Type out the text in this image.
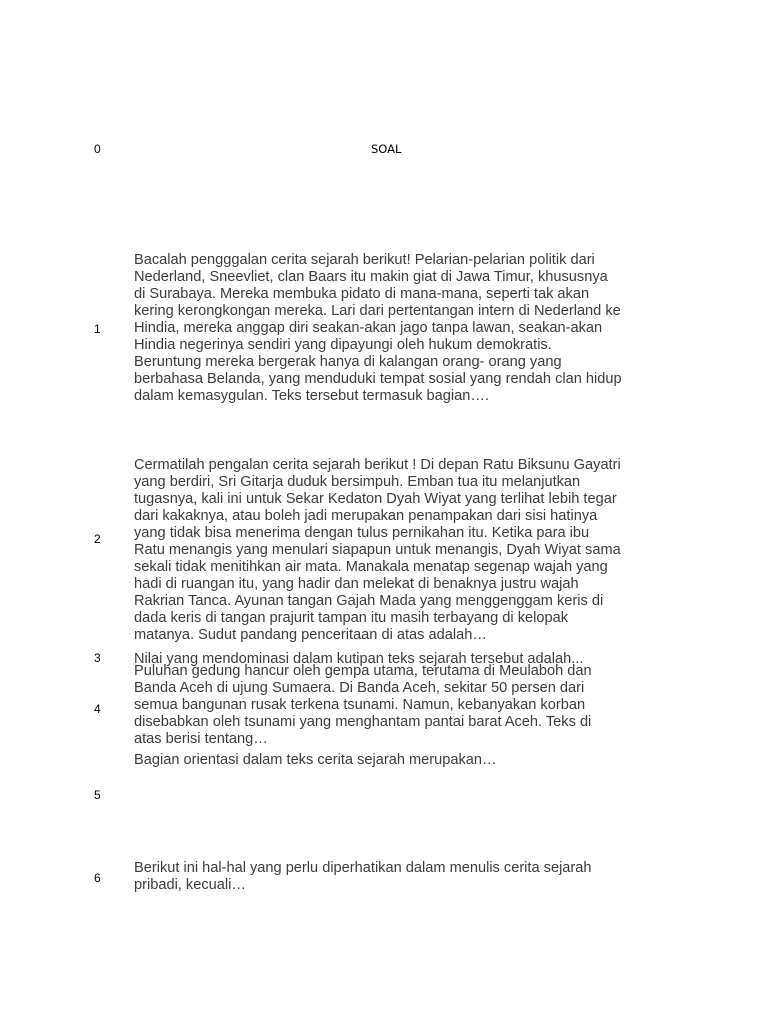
0	SOAL
1

Bacalah pengggalan cerita sejarah berikut! Pelarian-pelarian politik dari
Nederland, Sneevliet, clan Baars itu makin giat di Jawa Timur, khususnya
di Surabaya. Mereka membuka pidato di mana-mana, seperti tak akan
kering kerongkongan mereka. Lari dari pertentangan intern di Nederland ke
Hindia, mereka anggap diri seakan-akan jago tanpa lawan, seakan-akan
Hindia negerinya sendiri yang dipayungi oleh hukum demokratis.
Beruntung mereka bergerak hanya di kalangan orang- orang yang
berbahasa Belanda, yang menduduki tempat sosial yang rendah clan hidup
dalam kemasygulan. Teks tersebut termasuk bagian….

2

Cermatilah pengalan cerita sejarah berikut ! Di depan Ratu Biksunu Gayatri
yang berdiri, Sri Gitarja duduk bersimpuh. Emban tua itu melanjutkan
tugasnya, kali ini untuk Sekar Kedaton Dyah Wiyat yang terlihat lebih tegar
dari kakaknya, atau boleh jadi merupakan penampakan dari sisi hatinya
yang tidak bisa menerima dengan tulus pernikahan itu. Ketika para ibu
Ratu menangis yang menulari siapapun untuk menangis, Dyah Wiyat sama
sekali tidak menitihkan air mata. Manakala menatap segenap wajah yang
hadi di ruangan itu, yang hadir dan melekat di benaknya justru wajah
Rakrian Tanca. Ayunan tangan Gajah Mada yang menggenggam keris di
dada keris di tangan prajurit tampan itu masih terbayang di kelopak
matanya. Sudut pandang penceritaan di atas adalah…

3 Nilai yang mendominasi dalam kutipan teks sejarah tersebut adalah...

4

Puluhan gedung hancur oleh gempa utama, terutama di Meulaboh dan
Banda Aceh di ujung Sumaera. Di Banda Aceh, sekitar 50 persen dari
semua bangunan rusak terkena tsunami. Namun, kebanyakan korban
disebabkan oleh tsunami yang menghantam pantai barat Aceh. Teks di
atas berisi tentang…

Bagian orientasi dalam teks cerita sejarah merupakan…

5
6

Berikut ini hal-hal yang perlu diperhatikan dalam menulis cerita sejarah
pribadi, kecuali…
